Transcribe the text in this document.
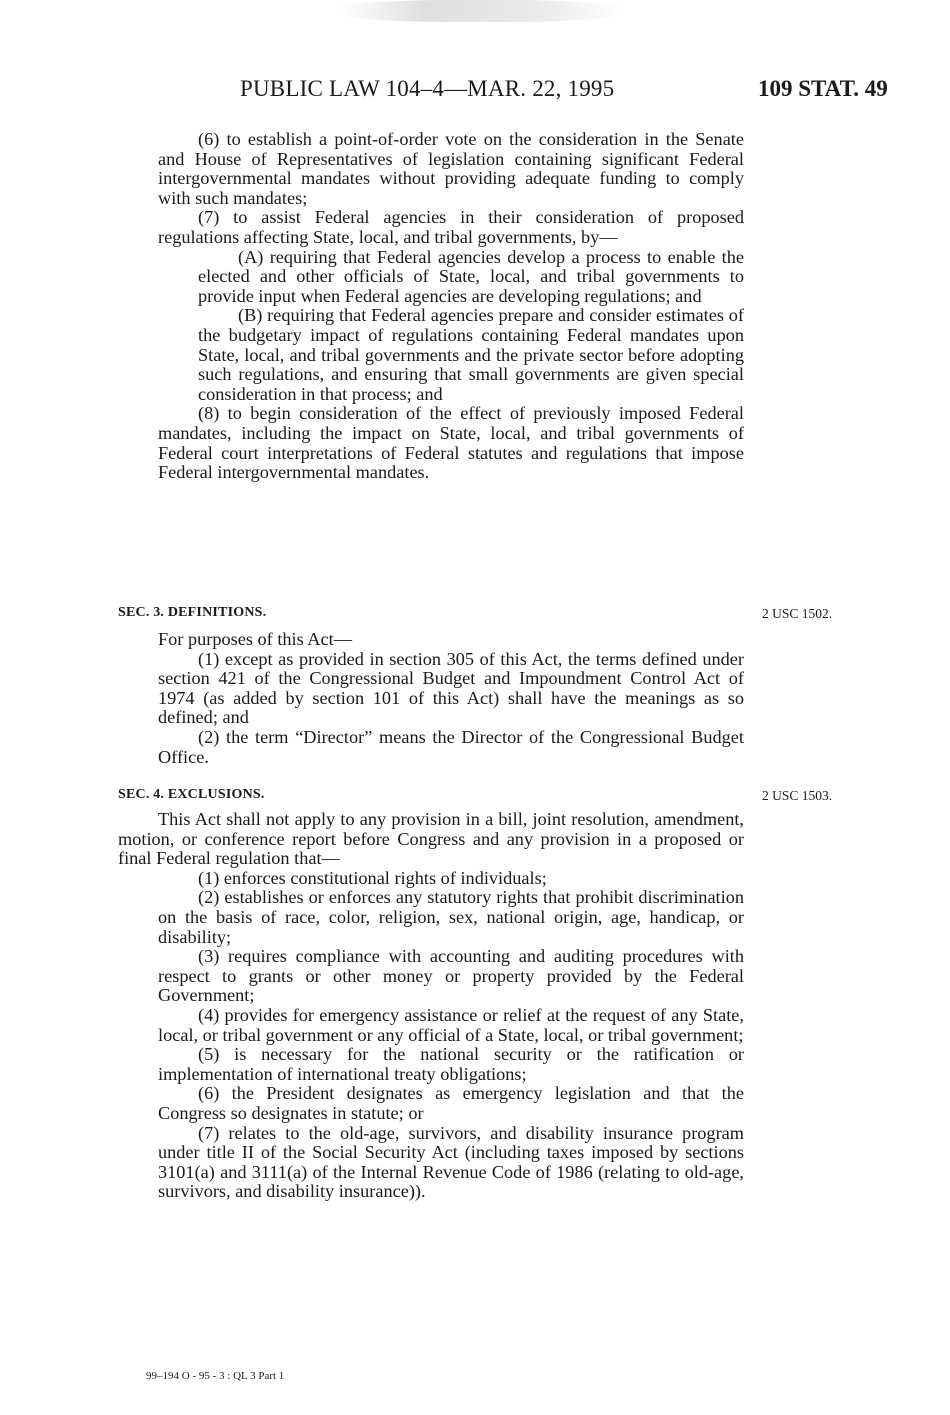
PUBLIC LAW 104–4—MAR. 22, 1995	109 STAT. 49

(6) to establish a point-of-order vote on the consideration in the Senate and House of Representatives of legislation containing significant Federal intergovernmental mandates without providing adequate funding to comply with such mandates;

(7) to assist Federal agencies in their consideration of proposed regulations affecting State, local, and tribal governments, by—

(A) requiring that Federal agencies develop a process to enable the elected and other officials of State, local, and tribal governments to provide input when Federal agencies are developing regulations; and

(B) requiring that Federal agencies prepare and consider estimates of the budgetary impact of regulations containing Federal mandates upon State, local, and tribal governments and the private sector before adopting such regulations, and ensuring that small governments are given special consideration in that process; and

(8) to begin consideration of the effect of previously imposed Federal mandates, including the impact on State, local, and tribal governments of Federal court interpretations of Federal statutes and regulations that impose Federal intergovernmental mandates.

SEC. 3. DEFINITIONS.	2 USC 1502.

For purposes of this Act—

(1) except as provided in section 305 of this Act, the terms defined under section 421 of the Congressional Budget and Impoundment Control Act of 1974 (as added by section 101 of this Act) shall have the meanings as so defined; and

(2) the term “Director” means the Director of the Congressional Budget Office.

SEC. 4. EXCLUSIONS.	2 USC 1503.

This Act shall not apply to any provision in a bill, joint resolution, amendment, motion, or conference report before Congress and any provision in a proposed or final Federal regulation that—

(1) enforces constitutional rights of individuals;

(2) establishes or enforces any statutory rights that prohibit discrimination on the basis of race, color, religion, sex, national origin, age, handicap, or disability;

(3) requires compliance with accounting and auditing procedures with respect to grants or other money or property provided by the Federal Government;

(4) provides for emergency assistance or relief at the request of any State, local, or tribal government or any official of a State, local, or tribal government;

(5) is necessary for the national security or the ratification or implementation of international treaty obligations;

(6) the President designates as emergency legislation and that the Congress so designates in statute; or

(7) relates to the old-age, survivors, and disability insurance program under title II of the Social Security Act (including taxes imposed by sections 3101(a) and 3111(a) of the Internal Revenue Code of 1986 (relating to old-age, survivors, and disability insurance)).

99–194 O - 95 - 3 : QL 3 Part 1
